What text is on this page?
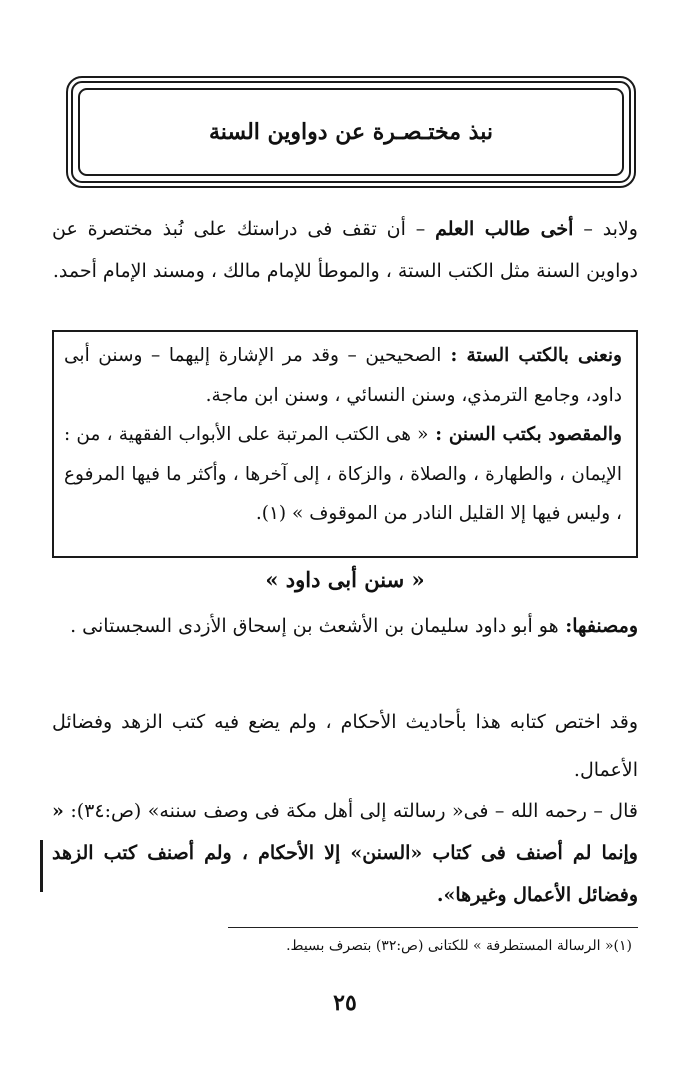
نبذ مختـصـرة عن دواوين السنة
ولابد – أخى طالب العلم – أن تقف فى دراستك على نُبذ مختصرة عن دواوين السنة مثل الكتب الستة ، والموطأ للإمام مالك ، ومسند الإمام أحمد.

ونعنى بالكتب الستة : الصحيحين – وقد مر الإشارة إليهما – وسنن أبى داود، وجامع الترمذي، وسنن النسائي ، وسنن ابن ماجة.

والمقصود بكتب السنن : « هى الكتب المرتبة على الأبواب الفقهية ، من : الإيمان ، والطهارة ، والصلاة ، والزكاة ، إلى آخرها ، وأكثر ما فيها المرفوع ، وليس فيها إلا القليل النادر من الموقوف » (١).

« سنن أبى داود »
ومصنفها: هو أبو داود سليمان بن الأشعث بن إسحاق الأزدى السجستانى .
وقد اختص كتابه هذا بأحاديث الأحكام ، ولم يضع فيه كتب الزهد وفضائل الأعمال.
قال – رحمه الله – فى« رسالته إلى أهل مكة فى وصف سننه» (ص:٣٤): « وإنما لم أصنف فى كتاب «السنن» إلا الأحكام ، ولم أصنف كتب الزهد وفضائل الأعمال وغيرها».
(١)« الرسالة المستطرفة » للكتانى (ص:٣٢) بتصرف بسيط.
٢٥
